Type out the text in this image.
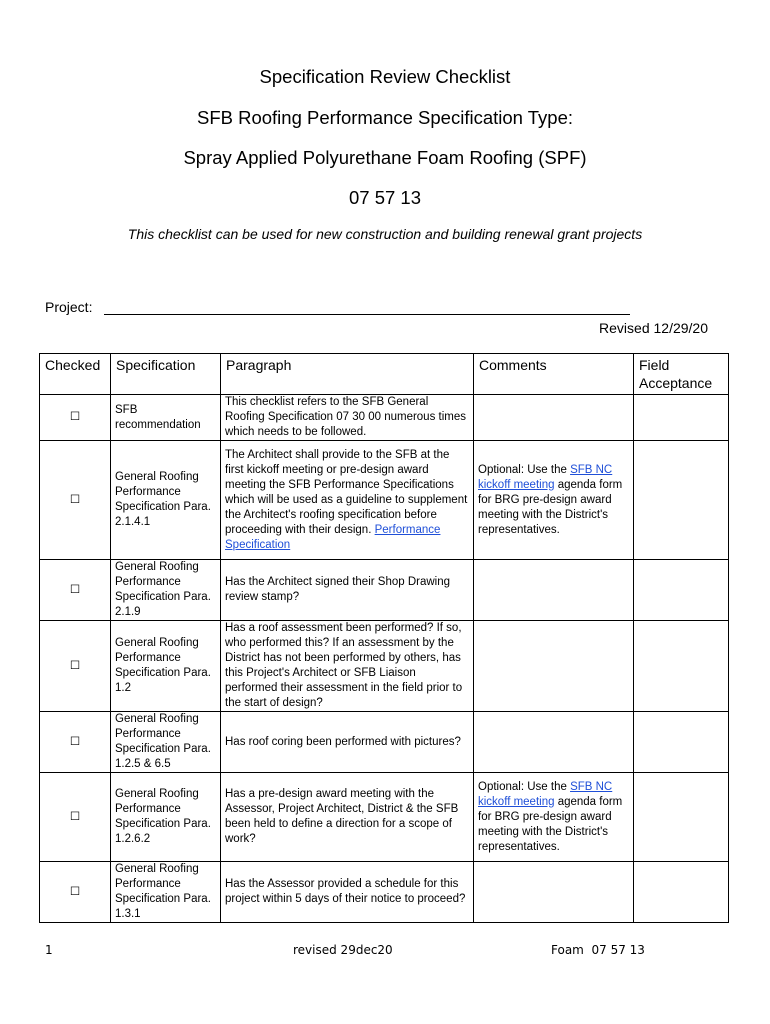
Specification Review Checklist
SFB Roofing Performance Specification Type:
Spray Applied Polyurethane Foam Roofing (SPF)
07 57 13
This checklist can be used for new construction and building renewal grant projects
Project:
Revised 12/29/20
Checked	Specification	Paragraph	Comments	Field Acceptance
☐	SFB recommendation	This checklist refers to the SFB General Roofing Specification 07 30 00 numerous times which needs to be followed.		
☐	General Roofing Performance Specification Para. 2.1.4.1	The Architect shall provide to the SFB at the first kickoff meeting or pre-design award meeting the SFB Performance Specifications which will be used as a guideline to supplement the Architect's roofing specification before proceeding with their design. Performance Specification	Optional: Use the SFB NC kickoff meeting agenda form for BRG pre-design award meeting with the District's representatives.	
☐	General Roofing Performance Specification Para. 2.1.9	Has the Architect signed their Shop Drawing review stamp?		
☐	General Roofing Performance Specification Para. 1.2	Has a roof assessment been performed? If so, who performed this? If an assessment by the District has not been performed by others, has this Project's Architect or SFB Liaison performed their assessment in the field prior to the start of design?		
☐	General Roofing Performance Specification Para. 1.2.5 & 6.5	Has roof coring been performed with pictures?		
☐	General Roofing Performance Specification Para. 1.2.6.2	Has a pre-design award meeting with the Assessor, Project Architect, District & the SFB been held to define a direction for a scope of work?	Optional: Use the SFB NC kickoff meeting agenda form for BRG pre-design award meeting with the District's representatives.	
☐	General Roofing Performance Specification Para. 1.3.1	Has the Assessor provided a schedule for this project within 5 days of their notice to proceed?		
1	revised 29dec20	Foam  07 57 13
